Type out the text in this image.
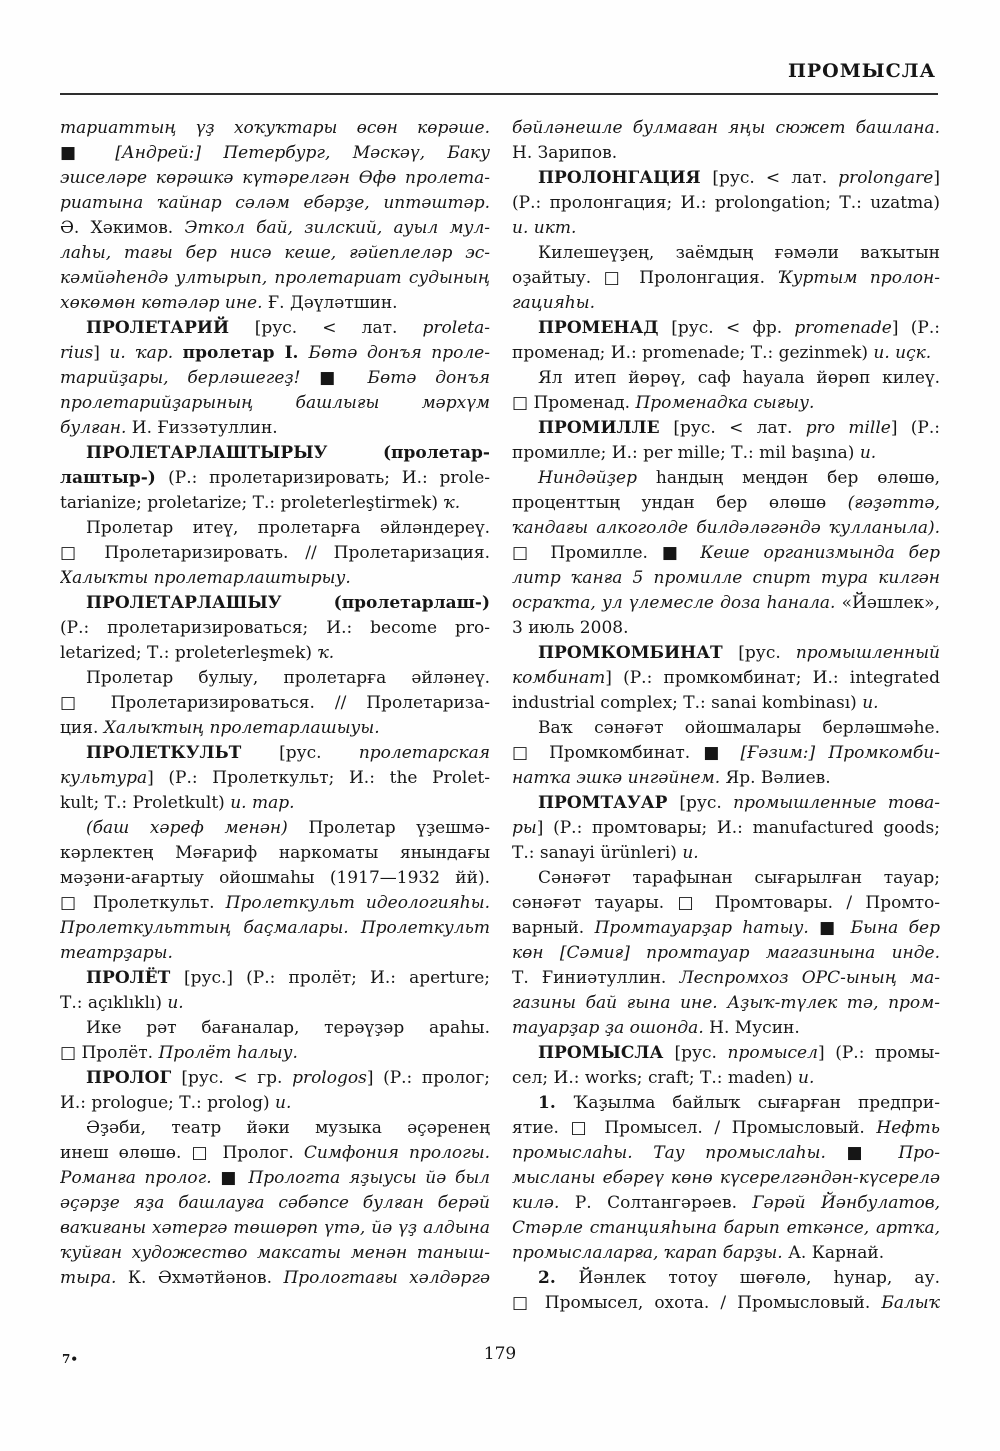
ПРОМЫСЛА
тариаттың үҙ хоҡуҡтары өсөн көрәше.
■ [Андрей:] Петербург, Мәскәү, Баку
эшселәре көрәшкә күтәрелгән Өфө пролета-
риатына ҡайнар сәләм ебәрҙе, иптәштәр.
Ә. Хәкимов. Эткол бай, зилский, ауыл мул-
лаһы, тағы бер нисә кеше, ғәйеплеләр эс-
кәмйәһендә ултырып, пролетариат судының
хөкөмөн көтәләр ине. Ғ. Дәүләтшин.
ПРОЛЕТАРИЙ [рус. < лат. proleta-
rius] и. ҡар. пролетар I. Бөтә донъя проле-
тарийҙары, берләшегеҙ! ■ Бөтә донъя
пролетарийҙарының башлығы мәрхүм
булған. И. Ғиззәтуллин.
ПРОЛЕТАРЛАШТЫРЫУ (пролетар-
лаштыр-) (Р.: пролетаризировать; И.: prole-
tarianize; proletarize; Т.: proleterleştirmek) ҡ.
Пролетар итеү, пролетарға әйләндереү.
□ Пролетаризировать. // Пролетаризация.
Халыҡты пролетарлаштырыу.
ПРОЛЕТАРЛАШЫУ (пролетарлаш-)
(Р.: пролетаризироваться; И.: become pro-
letarized; Т.: proleterleşmek) ҡ.
Пролетар булыу, пролетарға әйләнеү.
□ Пролетаризироваться. // Пролетариза-
ция. Халыҡтың пролетарлашыуы.
ПРОЛЕТКУЛЬТ [рус. пролетарская
культура] (Р.: Пролеткульт; И.: the Prolet-
kult; Т.: Proletkult) и. тар.
(баш хәреф менән) Пролетар үҙешмә-
кәрлектең Мәғариф наркоматы янындағы
мәҙәни-ағартыу ойошмаһы (1917—1932 йй).
□ Пролеткульт. Пролеткульт идеологияһы.
Пролеткульттың баҫмалары. Пролеткульт
театрҙары.
ПРОЛЁТ [рус.] (Р.: пролёт; И.: aperture;
Т.: açıklıklı) и.
Ике рәт бағаналар, терәүҙәр араһы.
□ Пролёт. Пролёт һалыу.
ПРОЛОГ [рус. < гр. prologos] (Р.: пролог;
И.: prologue; Т.: prolog) и.
Әҙәби, театр йәки музыка әҫәренең
инеш өлөшө. □ Пролог. Симфония прологы.
Романға пролог. ■ Прологта яҙыусы йә был
әҫәрҙе яҙа башлауға сәбәпсе булған берәй
ваҡиғаны хәтергә төшөрөп үтә, йә үҙ алдына
ҡуйған художество максаты менән таныш-
тыра. К. Әхмәтйәнов. Прологтағы хәлдәргә
бәйләнешле булмаған яңы сюжет башлана.
Н. Зарипов.
ПРОЛОНГАЦИЯ [рус. < лат. prolongare]
(Р.: пролонгация; И.: prolongation; Т.: uzatma)
и. икт.
Килешеүҙең, заёмдың ғәмәли ваҡытын
оҙайтыу. □ Пролонгация. Ҡуртым пролон-
гацияһы.
ПРОМЕНАД [рус. < фр. promenade] (Р.:
променад; И.: promenade; Т.: gezinmek) и. иҫк.
Ял итеп йөрөү, саф һауала йөрөп килеү.
□ Променад. Променадка сығыу.
ПРОМИЛЛЕ [рус. < лат. pro mille] (Р.:
промилле; И.: per mille; Т.: mil başına) и.
Ниндәйҙер һандың меңдән бер өлөшө,
проценттың ундан бер өлөшө (ғәҙәттә,
ҡандағы алкоголде билдәләгәндә ҡулланыла).
□ Промилле. ■ Кеше организмында бер
литр ҡанға 5 промилле спирт тура килгән
осраҡта, ул үлемесле доза һанала. «Йәшлек»,
3 июль 2008.
ПРОМКОМБИНАТ [рус. промышленный
комбинат] (Р.: промкомбинат; И.: integrated
industrial complex; Т.: sanai kombinası) и.
Ваҡ сәнәғәт ойошмалары берләшмәһе.
□ Промкомбинат. ■ [Ғәзим:] Промкомби-
натҡа эшкә ингәйнем. Яр. Вәлиев.
ПРОМТАУАР [рус. промышленные това-
ры] (Р.: промтовары; И.: manufactured goods;
Т.: sanayi ürünleri) и.
Сәнәғәт тарафынан сығарылған тауар;
сәнәғәт тауары. □ Промтовары. / Промто-
варный. Промтауарҙар һатыу. ■ Бына бер
көн [Сәмиғ] промтауар магазинына инде.
Т. Ғиниәтуллин. Леспромхоз ОРС-ының ма-
газины бай ғына ине. Аҙыҡ-түлек тә, пром-
тауарҙар ҙа ошонда. Н. Мусин.
ПРОМЫСЛА [рус. промысел] (Р.: промы-
сел; И.: works; craft; Т.: maden) и.
1. Ҡаҙылма байлыҡ сығарған предпри-
ятие. □ Промысел. / Промысловый. Нефть
промыслаһы. Тау промыслаһы. ■ Про-
мысланы ебәреү көнө күсерелгәндән-күсерелә
килә. Р. Солтангәрәев. Гәрәй Йәнбулатов,
Стәрле станцияһына барып еткәнсе, артҡа,
промыслаларға, ҡарап барҙы. А. Карнай.
2. Йәнлек тотоу шөғөлө, һунар, ау.
□ Промысел, охота. / Промысловый. Балыҡ
7•	179
